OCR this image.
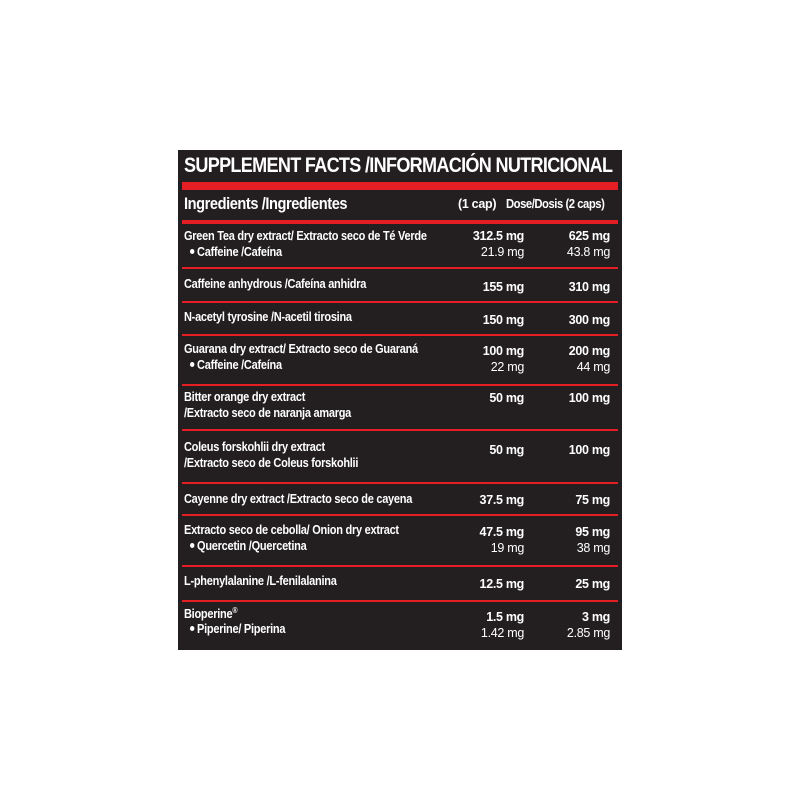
SUPPLEMENT FACTS /INFORMACIÓN NUTRICIONAL
Ingredients /Ingredientes	(1 cap) Dose/Dosis (2 caps)
Green Tea dry extract/ Extracto seco de Té Verde	312.5 mg	625 mg
Caffeine /Cafeína	21.9 mg	43.8 mg
Caffeine anhydrous /Cafeína anhidra	155 mg	310 mg
N-acetyl tyrosine /N-acetil tirosina	150 mg	300 mg
Guarana dry extract/ Extracto seco de Guaraná	100 mg	200 mg
Caffeine /Cafeína	22 mg	44 mg
Bitter orange dry extract	50 mg	100 mg
/Extracto seco de naranja amarga
Coleus forskohlii dry extract	50 mg	100 mg
/Extracto seco de Coleus forskohlii
Cayenne dry extract /Extracto seco de cayena	37.5 mg	75 mg
Extracto seco de cebolla/ Onion dry extract	47.5 mg	95 mg
Quercetin /Quercetina	19 mg	38 mg
L-phenylalanine /L-fenilalanina	12.5 mg	25 mg
Bioperine®	1.5 mg	3 mg
Piperine/ Piperina	1.42 mg	2.85 mg
